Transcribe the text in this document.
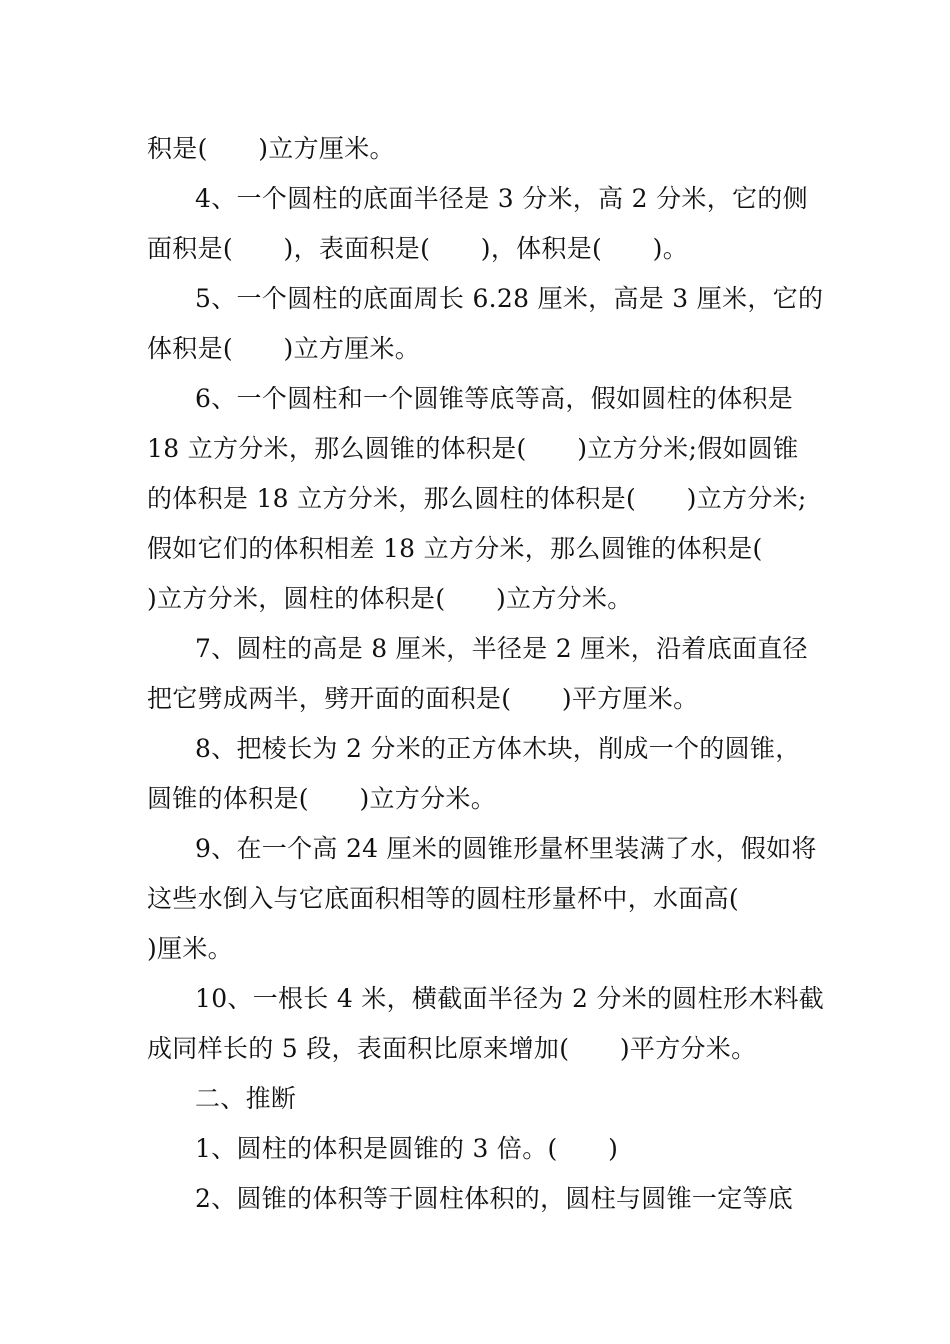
积是(　　)立方厘米。
4、一个圆柱的底面半径是 3 分米，高 2 分米，它的侧
面积是(　　)，表面积是(　　)，体积是(　　)。
5、一个圆柱的底面周长 6.28 厘米，高是 3 厘米，它的
体积是(　　)立方厘米。
6、一个圆柱和一个圆锥等底等高，假如圆柱的体积是
18 立方分米，那么圆锥的体积是(　　)立方分米;假如圆锥
的体积是 18 立方分米，那么圆柱的体积是(　　)立方分米;
假如它们的体积相差 18 立方分米，那么圆锥的体积是(
)立方分米，圆柱的体积是(　　)立方分米。
7、圆柱的高是 8 厘米，半径是 2 厘米，沿着底面直径
把它劈成两半，劈开面的面积是(　　)平方厘米。
8、把棱长为 2 分米的正方体木块，削成一个的圆锥，
圆锥的体积是(　　)立方分米。
9、在一个高 24 厘米的圆锥形量杯里装满了水，假如将
这些水倒入与它底面积相等的圆柱形量杯中，水面高(
)厘米。
10、一根长 4 米，横截面半径为 2 分米的圆柱形木料截
成同样长的 5 段，表面积比原来增加(　　)平方分米。
二、推断
1、圆柱的体积是圆锥的 3 倍。(　　)
2、圆锥的体积等于圆柱体积的，圆柱与圆锥一定等底
